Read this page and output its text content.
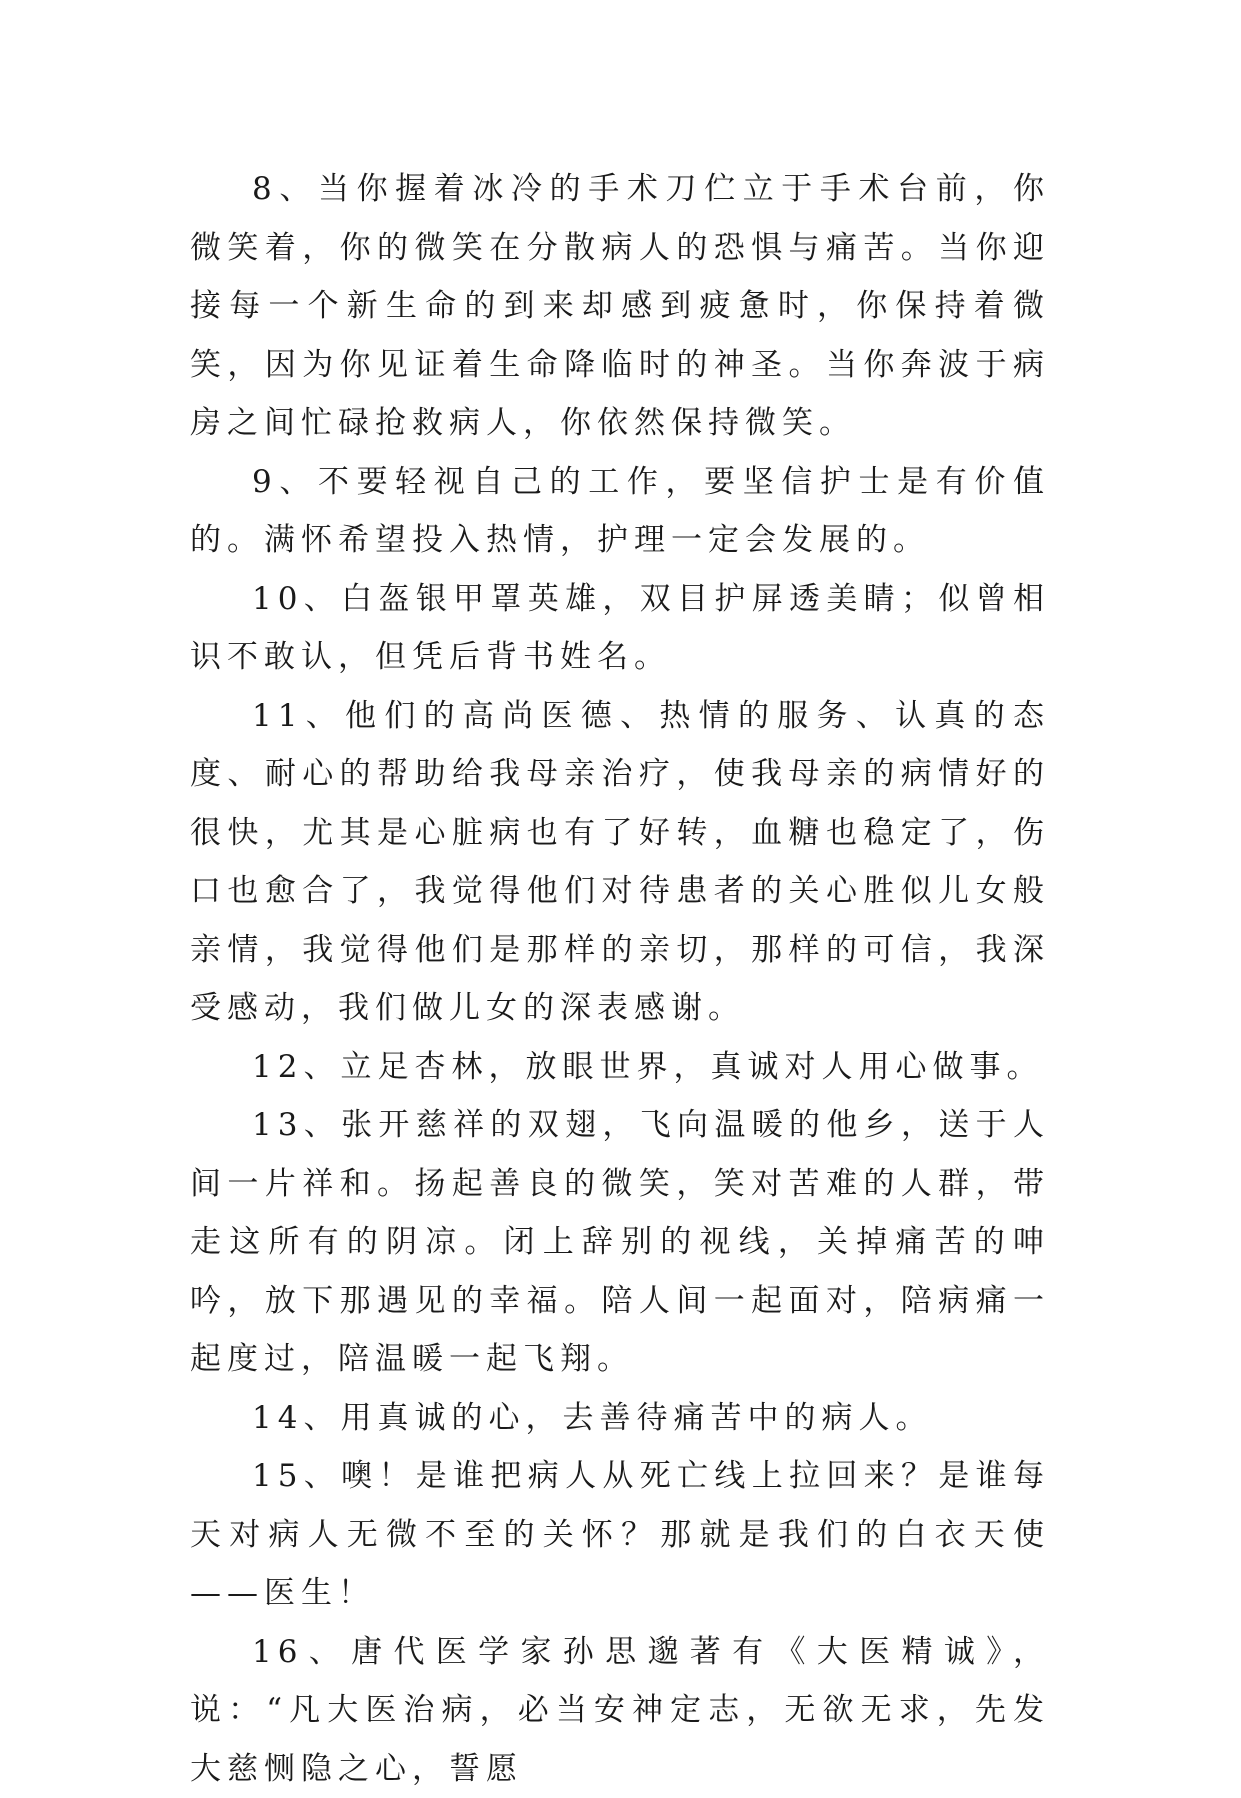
8、当你握着冰冷的手术刀伫立于手术台前，你微笑着，你的微笑在分散病人的恐惧与痛苦。当你迎接每一个新生命的到来却感到疲惫时，你保持着微笑，因为你见证着生命降临时的神圣。当你奔波于病房之间忙碌抢救病人，你依然保持微笑。

9、不要轻视自己的工作，要坚信护士是有价值的。满怀希望投入热情，护理一定会发展的。

10、白盔银甲罩英雄，双目护屏透美睛；似曾相识不敢认，但凭后背书姓名。

11、他们的高尚医德、热情的服务、认真的态度、耐心的帮助给我母亲治疗，使我母亲的病情好的很快，尤其是心脏病也有了好转，血糖也稳定了，伤口也愈合了，我觉得他们对待患者的关心胜似儿女般亲情，我觉得他们是那样的亲切，那样的可信，我深受感动，我们做儿女的深表感谢。

12、立足杏林，放眼世界，真诚对人用心做事。

13、张开慈祥的双翅，飞向温暖的他乡，送于人间一片祥和。扬起善良的微笑，笑对苦难的人群，带走这所有的阴凉。闭上辞别的视线，关掉痛苦的呻吟，放下那遇见的幸福。陪人间一起面对，陪病痛一起度过，陪温暖一起飞翔。

14、用真诚的心，去善待痛苦中的病人。

15、噢！是谁把病人从死亡线上拉回来？是谁每天对病人无微不至的关怀？那就是我们的白衣天使——医生！

16、唐代医学家孙思邈著有《大医精诚》，说：“凡大医治病，必当安神定志，无欲无求，先发大慈恻隐之心，誓愿
